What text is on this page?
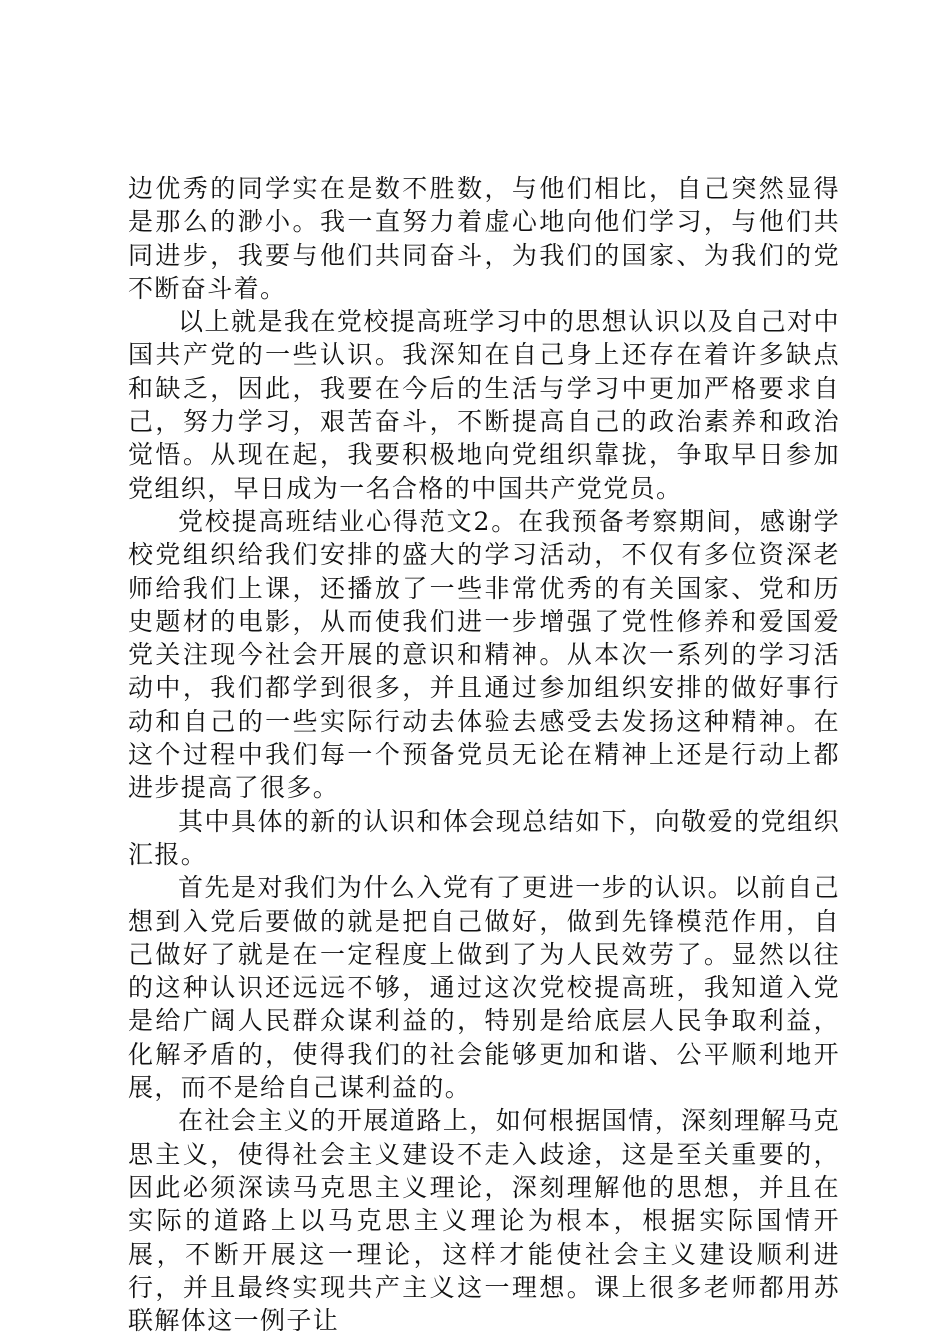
边优秀的同学实在是数不胜数，与他们相比，自己突然显得是那么的渺小。我一直努力着虚心地向他们学习，与他们共同进步，我要与他们共同奋斗，为我们的国家、为我们的党不断奋斗着。

以上就是我在党校提高班学习中的思想认识以及自己对中国共产党的一些认识。我深知在自己身上还存在着许多缺点和缺乏，因此，我要在今后的生活与学习中更加严格要求自己，努力学习，艰苦奋斗，不断提高自己的政治素养和政治觉悟。从现在起，我要积极地向党组织靠拢，争取早日参加党组织，早日成为一名合格的中国共产党党员。

党校提高班结业心得范文2。在我预备考察期间，感谢学校党组织给我们安排的盛大的学习活动，不仅有多位资深老师给我们上课，还播放了一些非常优秀的有关国家、党和历史题材的电影，从而使我们进一步增强了党性修养和爱国爱党关注现今社会开展的意识和精神。从本次一系列的学习活动中，我们都学到很多，并且通过参加组织安排的做好事行动和自己的一些实际行动去体验去感受去发扬这种精神。在这个过程中我们每一个预备党员无论在精神上还是行动上都进步提高了很多。

其中具体的新的认识和体会现总结如下，向敬爱的党组织汇报。

首先是对我们为什么入党有了更进一步的认识。以前自己想到入党后要做的就是把自己做好，做到先锋模范作用，自己做好了就是在一定程度上做到了为人民效劳了。显然以往的这种认识还远远不够，通过这次党校提高班，我知道入党是给广阔人民群众谋利益的，特别是给底层人民争取利益，化解矛盾的，使得我们的社会能够更加和谐、公平顺利地开展，而不是给自己谋利益的。

在社会主义的开展道路上，如何根据国情，深刻理解马克思主义，使得社会主义建设不走入歧途，这是至关重要的，因此必须深读马克思主义理论，深刻理解他的思想，并且在实际的道路上以马克思主义理论为根本，根据实际国情开展，不断开展这一理论，这样才能使社会主义建设顺利进行，并且最终实现共产主义这一理想。课上很多老师都用苏联解体这一例子让
